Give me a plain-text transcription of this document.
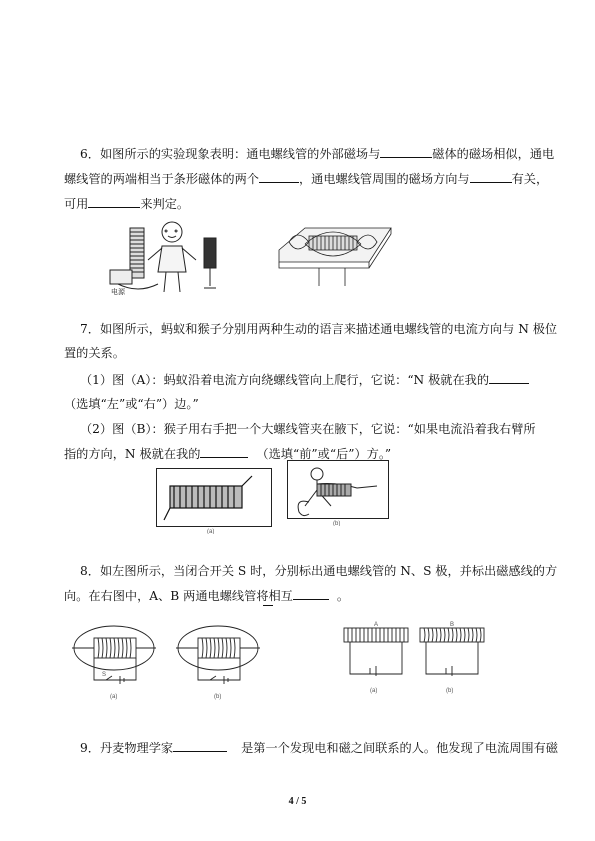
6．如图所示的实验现象表明：通电螺线管的外部磁场与	磁体的磁场相似，通电
螺线管的两端相当于条形磁体的两个	，通电螺线管周围的磁场方向与	有关，
可用	来判定。
电源
7．如图所示，蚂蚁和猴子分别用两种生动的语言来描述通电螺线管的电流方向与 N 极位
置的关系。
（1）图（A）：蚂蚁沿着电流方向绕螺线管向上爬行，它说：“N 极就在我的
（选填“左”或“右”）边。”
（2）图（B）：猴子用右手把一个大螺线管夹在腋下，它说：“如果电流沿着我右臂所
指的方向，N 极就在我的	（选填“前”或“后”）方。”
(a)
(b)
8．如左图所示，当闭合开关 S 时，分别标出通电螺线管的 N、S 极，并标出磁感线的方
向。在右图中，A、B 两通电螺线管将相互	。
(a)
S
(b)
A
(a)
B
(b)
9．丹麦物理学家	是第一个发现电和磁之间联系的人。他发现了电流周围有磁
4 / 5
